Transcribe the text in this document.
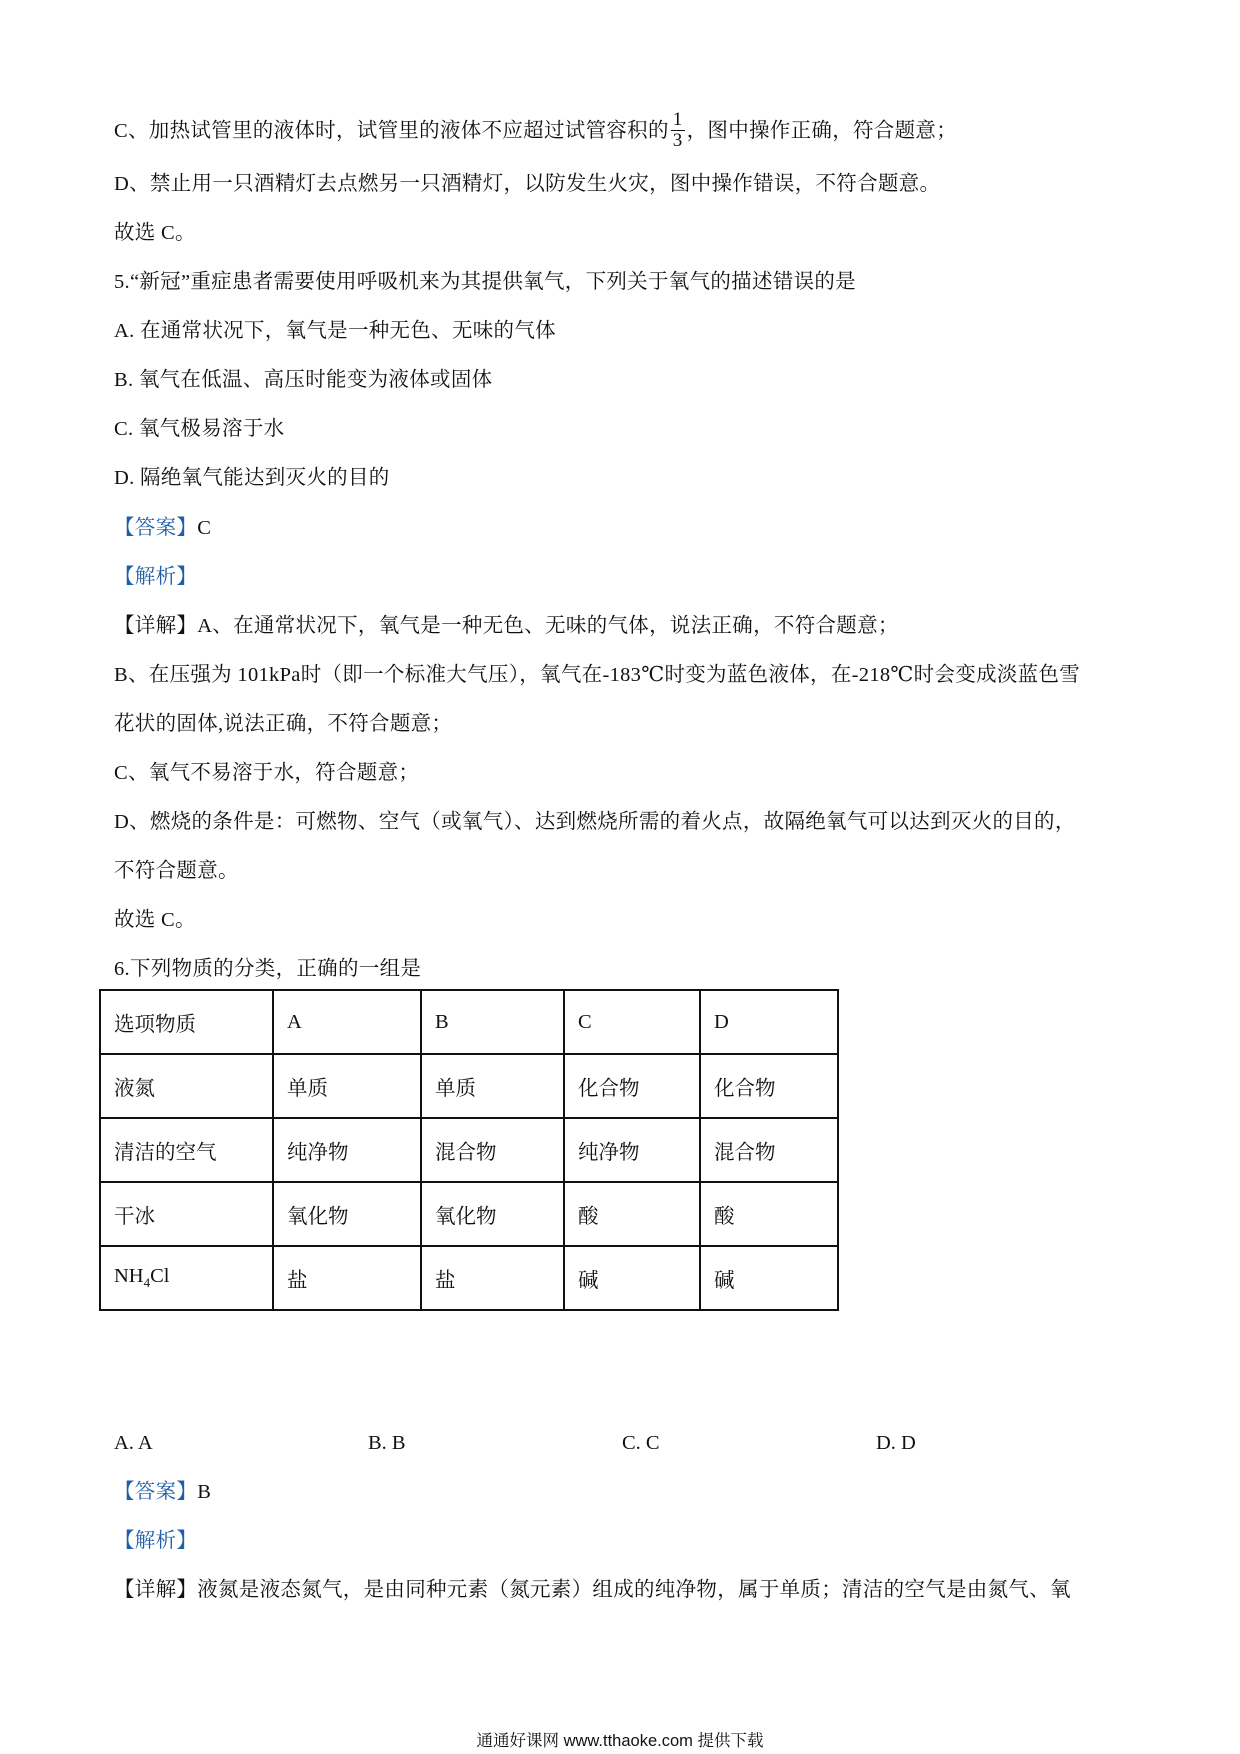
C、加热试管里的液体时，试管里的液体不应超过试管容积的 $\frac{1}{3}$ ，图中操作正确，符合题意；
D、禁止用一只酒精灯去点燃另一只酒精灯，以防发生火灾，图中操作错误，不符合题意。
故选 C。
5.“新冠”重症患者需要使用呼吸机来为其提供氧气，下列关于氧气的描述错误的是
A. 在通常状况下，氧气是一种无色、无味的气体
B. 氧气在低温、高压时能变为液体或固体
C. 氧气极易溶于水
D. 隔绝氧气能达到灭火的目的
【答案】C
【解析】
【详解】A、在通常状况下，氧气是一种无色、无味的气体，说法正确，不符合题意；
B、在压强为 101kPa时（即一个标准大气压），氧气在-183℃时变为蓝色液体，在-218℃时会变成淡蓝色雪
花状的固体,说法正确，不符合题意；
C、氧气不易溶于水，符合题意；
D、燃烧的条件是：可燃物、空气（或氧气）、达到燃烧所需的着火点，故隔绝氧气可以达到灭火的目的，
不符合题意。
故选 C。
6.下列物质的分类，正确的一组是
选项物质	A	B	C	D
液氮	单质	单质	化合物	化合物
清洁的空气	纯净物	混合物	纯净物	混合物
干冰	氧化物	氧化物	酸	酸
$NH_4Cl$	盐	盐	碱	碱
A. A	B. B	C. C	D. D
【答案】B
【解析】
【详解】液氮是液态氮气，是由同种元素（氮元素）组成的纯净物，属于单质；清洁的空气是由氮气、氧
通通好课网 www.tthaoke.com 提供下载
